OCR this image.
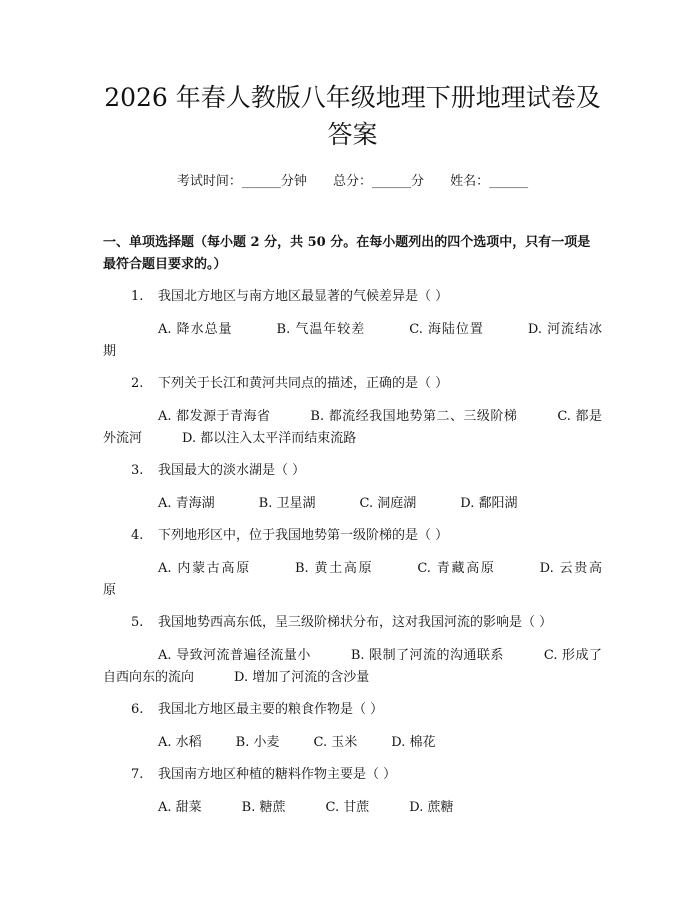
2026 年春人教版八年级地理下册地理试卷及
答案
考试时间：______分钟 总分：______分 姓名：______
一、单项选择题（每小题 2 分，共 50 分。在每小题列出的四个选项中，只有一项是最符合题目要求的。）
1. 我国北方地区与南方地区最显著的气候差异是（ ）
A. 降水总量	B. 气温年较差	C. 海陆位置	D. 河流结冰期
2. 下列关于长江和黄河共同点的描述，正确的是（ ）
A. 都发源于青海省	B. 都流经我国地势第二、三级阶梯	C. 都是外流河	D. 都以注入太平洋而结束流路
3. 我国最大的淡水湖是（ ）
A. 青海湖	B. 卫星湖	C. 洞庭湖	D. 鄱阳湖
4. 下列地形区中，位于我国地势第一级阶梯的是（ ）
A. 内蒙古高原	B. 黄土高原	C. 青藏高原	D. 云贵高原
5. 我国地势西高东低，呈三级阶梯状分布，这对我国河流的影响是（ ）
A. 导致河流普遍径流量小	B. 限制了河流的沟通联系	C. 形成了自西向东的流向	D. 增加了河流的含沙量
6. 我国北方地区最主要的粮食作物是（ ）
A. 水稻	B. 小麦	C. 玉米	D. 棉花
7. 我国南方地区种植的糖料作物主要是（ ）
A. 甜菜	B. 糖蔗	C. 甘蔗	D. 蔗糖
